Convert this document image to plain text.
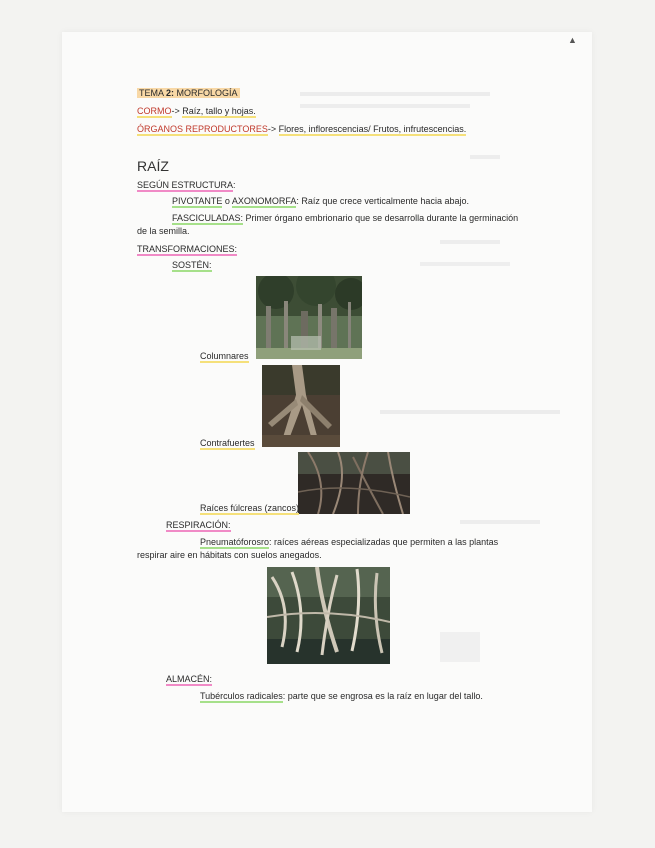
▲
TEMA 2: MORFOLOGÍA
CORMO-> Raíz, tallo y hojas.
ÓRGANOS REPRODUCTORES-> Flores, inflorescencias/ Frutos, infrutescencias.
RAÍZ
SEGÚN ESTRUCTURA:
PIVOTANTE o AXONOMORFA: Raíz que crece verticalmente hacia abajo.
FASCICULADAS: Primer órgano embrionario que se desarrolla durante la germinación
de la semilla.
TRANSFORMACIONES:
SOSTÉN:
Columnares
Contrafuertes
Raíces fúlcreas (zancos)
RESPIRACIÓN:
Pneumatóforosro: raíces aéreas especializadas que permiten a las plantas
respirar aire en hábitats con suelos anegados.
ALMACÉN:
Tubérculos radicales: parte que se engrosa es la raíz en lugar del tallo.
